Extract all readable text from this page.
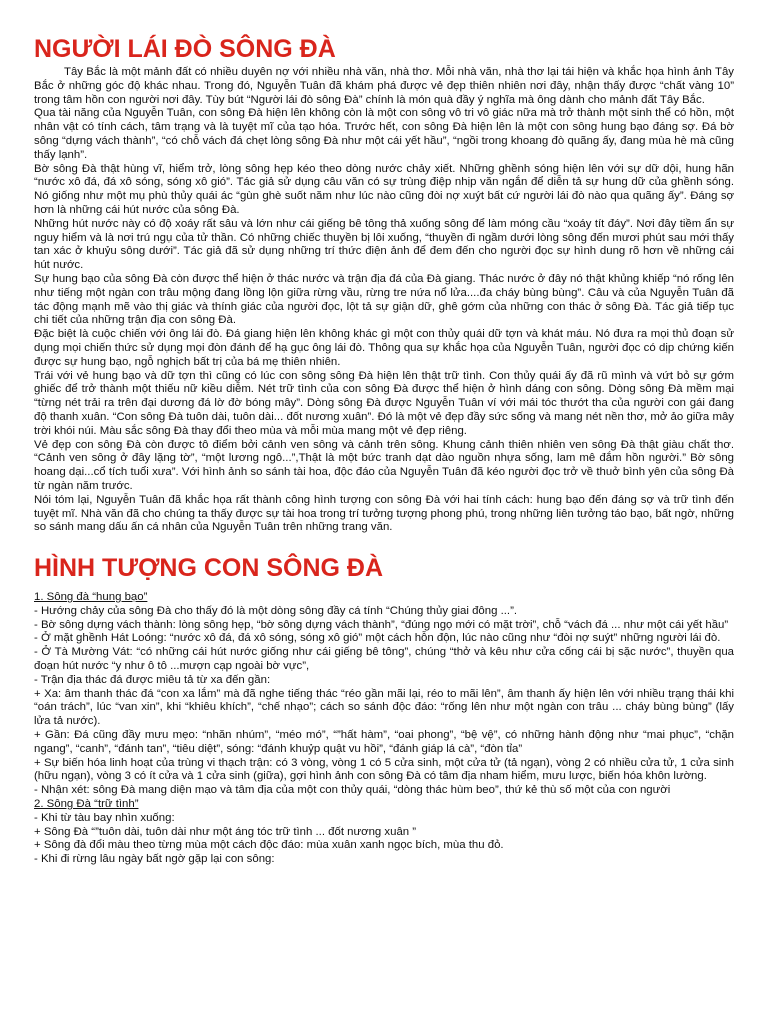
NGƯỜI LÁI ĐÒ SÔNG ĐÀ

Tây Bắc là một mảnh đất có nhiều duyên nợ với nhiều nhà văn, nhà thơ. Mỗi nhà văn, nhà thơ lại tái hiện và khắc họa hình ảnh Tây Bắc ở những góc độ khác nhau. Trong đó, Nguyễn Tuân đã khám phá được vẻ đẹp thiên nhiên nơi đây, nhận thấy được “chất vàng 10” trong tâm hồn con người nơi đây. Tùy bút “Người lái đò sông Đà” chính là món quà đầy ý nghĩa mà ông dành cho mảnh đất Tây Bắc.

Qua tài năng của Nguyễn Tuân, con sông Đà hiện lên không còn là một con sông vô tri vô giác nữa mà trở thành một sinh thể có hồn, một nhân vật có tính cách, tâm trạng và là tuyệt mĩ của tạo hóa. Trước hết, con sông Đà hiện lên là một con sông hung bạo đáng sợ. Đá bờ sông “dựng vách thành”, “có chỗ vách đá chẹt lòng sông Đà như một cái yết hầu”, “ngồi trong khoang đò quãng ấy, đang mùa hè mà cũng thấy lạnh”.

Bờ sông Đà thật hùng vĩ, hiểm trở, lòng sông hẹp kéo theo dòng nước chảy xiết. Những ghềnh sóng hiện lên với sự dữ dội, hung hãn “nước xô đá, đá xô sóng, sóng xô gió”. Tác giả sử dụng câu văn có sự trùng điệp nhịp văn ngắn để diễn tả sự hung dữ của ghềnh sóng. Nó giống như một mụ phù thủy quái ác “gùn ghè suốt năm như lúc nào cũng đòi nợ xuýt bất cứ người lái đò nào qua quãng ấy”. Đáng sợ hơn là những cái hút nước của sông Đà.

Những hút nước này có độ xoáy rất sâu và lớn như cái giếng bê tông thả xuống sông để làm móng cầu “xoáy tít đáy”. Nơi đây tiềm ẩn sự nguy hiểm và là nơi trú ngụ của tử thần. Có những chiếc thuyền bị lôi xuống, “thuyền đi ngầm dưới lòng sông đến mươi phút sau mới thấy tan xác ở khuỷu sông dưới”. Tác giả đã sử dụng những trí thức điện ảnh để đem đến cho người đọc sự hình dung rõ hơn về những cái hút nước.

Sự hung bạo của sông Đà còn được thể hiện ở thác nước và trận địa đá của Đà giang. Thác nước ở đây nó thật khủng khiếp “nó rống lên như tiếng một ngàn con trâu mộng đang lồng lộn giữa rừng vầu, rừng tre nứa nổ lửa....đa cháy bùng bùng”. Câu và của Nguyễn Tuân đã tác động mạnh mẽ vào thị giác và thính giác của người đọc, lột tả sự giận dữ, ghê gớm của những con thác ở sông Đà. Tác giả tiếp tục chi tiết của những trận địa con sông Đà.

Đặc biệt là cuộc chiến với ông lái đò. Đá giang hiện lên không khác gì một con thủy quái dữ tợn và khát máu. Nó đưa ra mọi thủ đoạn sử dụng mọi chiến thức sử dụng mọi đòn đánh để hạ gục ông lái đò. Thông qua sự khắc họa của Nguyễn Tuân, người đọc có dịp chứng kiến được sự hung bạo, ngỗ nghịch bất trị của bá mẹ thiên nhiên.

Trái với vẻ hung bạo và dữ tợn thì cũng có lúc con sông sông Đà hiện lên thật trữ tình. Con thủy quái ấy đã rũ mình và vứt bỏ sự gớm ghiếc để trở thành một thiếu nữ kiều diễm. Nét trữ tình của con sông Đà được thể hiện ở hình dáng con sông. Dòng sông Đà mềm mại “từng nét trải ra trên đại dương đá lờ đờ bóng mây”. Dòng sông Đà được Nguyễn Tuân ví với mái tóc thướt tha của người con gái đang độ thanh xuân. “Con sông Đà tuôn dài, tuôn dài... đốt nương xuân”. Đó là một vẻ đẹp đầy sức sống và mang nét nền thơ, mở ảo giữa mây trời khói núi. Màu sắc sông Đà thay đổi theo mùa và mỗi mùa mang một vẻ đẹp riêng.

Vẻ đẹp con sông Đà còn được tô điểm bởi cảnh ven sông và cảnh trên sông. Khung cảnh thiên nhiên ven sông Đà thật giàu chất thơ. “Cảnh ven sông ở đây lặng tờ”, “một lương ngô...”,Thật là một bức tranh dạt dào nguồn nhựa sống, lam mê đắm hồn người.” Bờ sông hoang dại...cổ tích tuổi xưa”. Với hình ảnh so sánh tài hoa, độc đáo của Nguyễn Tuân đã kéo người đọc trở về thuở bình yên của sông Đà từ ngàn năm trước.

Nói tóm lại, Nguyễn Tuân đã khắc họa rất thành công hình tượng con sông Đà với hai tính cách: hung bạo đến đáng sợ và trữ tình đến tuyệt mĩ. Nhà văn đã cho chúng ta thấy được sự tài hoa trong trí tưởng tượng phong phú, trong những liên tưởng táo bạo, bất ngờ, những so sánh mang dấu ấn cá nhân của Nguyễn Tuân trên những trang văn.

HÌNH TƯỢNG CON SÔNG ĐÀ

1. Sông đà “hung bạo”

- Hướng chảy của sông Đà cho thấy đó là một dòng sông đầy cá tính “Chúng thủy giai đông ...”.

- Bờ sông dựng vách thành: lòng sông hẹp, “bờ sông dựng vách thành”, “đúng ngọ mới có mặt trời”, chỗ “vách đá ... như một cái yết hầu”

- Ở mặt ghềnh Hát Loóng: “nước xô đá, đá xô sóng, sóng xô gió” một cách hỗn độn, lúc nào cũng như “đòi nợ suýt” những người lái đò.

- Ở Tà Mường Vát: “có những cái hút nước giống như cái giếng bê tông”, chúng “thở và kêu như cửa cống cái bị sặc nước”, thuyền qua đoạn hút nước “y như ô tô ...mượn cạp ngoài bờ vực”,

- Trận địa thác đá được miêu tả từ xa đến gần:

+ Xa: âm thanh thác đá “con xa lắm” mà đã nghe tiếng thác “réo gần mãi lại, réo to mãi lên”, âm thanh ấy hiện lên với nhiều trạng thái khi “oán trách”, lúc “van xin”, khi “khiêu khích”, “chế nhạo”; cách so sánh độc đáo: “rống lên như một ngàn con trâu ... cháy bùng bùng” (lấy lửa tả nước).

+ Gần: Đá cũng đầy mưu mẹo: “nhăn nhúm”, “méo mó”, “”hất hàm”, “oai phong”, “bệ vệ”, có những hành động như “mai phục”, “chặn ngang”, “canh”, “đánh tan”, “tiêu diệt”, sóng: “đánh khuỷp quật vu hồi”, “đánh giáp lá cà”, “đòn tỉa”

+ Sự biến hóa linh hoạt của trùng vi thạch trận: có 3 vòng, vòng 1 có 5 cửa sinh, một cửa tử (tả ngạn), vòng 2 có nhiều cửa tử, 1 cửa sinh (hữu ngạn), vòng 3 có ít cửa và 1 cửa sinh (giữa), gợi hình ảnh con sông Đà có tâm địa nham hiểm, mưu lược, biến hóa khôn lường.

- Nhận xét: sông Đà mang diện mạo và tâm địa của một con thủy quái, “dòng thác hùm beo”, thứ kẻ thù số một của con người

2. Sông Đà “trữ tình”

- Khi từ tàu bay nhìn xuống:

+ Sông Đà “”tuôn dài, tuôn dài như một áng tóc trữ tình ... đốt nương xuân ”

+ Sông đà đổi màu theo từng mùa một cách độc đáo: mùa xuân xanh ngọc bích, mùa thu đỏ.

- Khi đi rừng lâu ngày bất ngờ gặp lại con sông:
